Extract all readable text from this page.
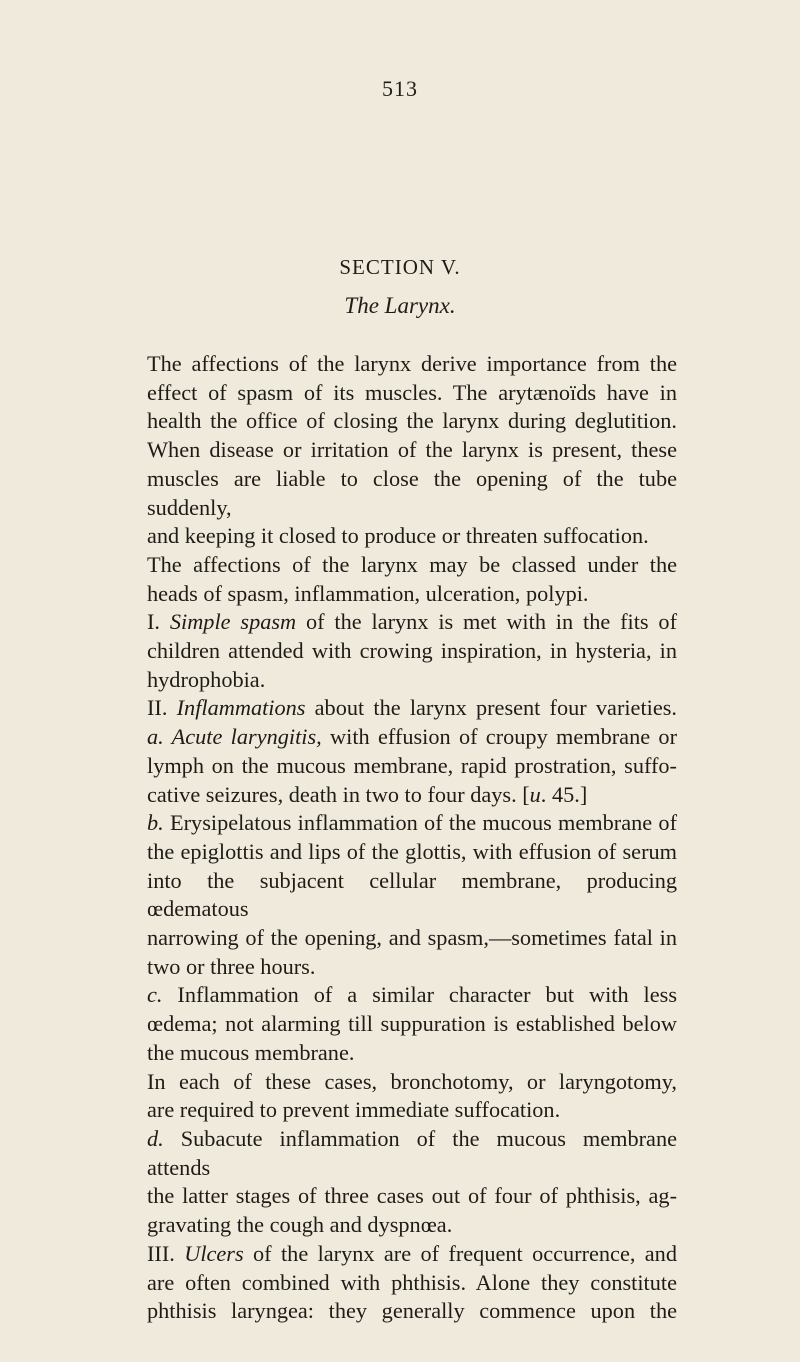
513
SECTION V.
The Larynx.
The affections of the larynx derive importance from the
effect of spasm of its muscles. The arytænoïds have in
health the office of closing the larynx during deglutition.
When disease or irritation of the larynx is present, these
muscles are liable to close the opening of the tube suddenly,
and keeping it closed to produce or threaten suffocation.
The affections of the larynx may be classed under the
heads of spasm, inflammation, ulceration, polypi.
I. Simple spasm of the larynx is met with in the fits of
children attended with crowing inspiration, in hysteria, in
hydrophobia.
II. Inflammations about the larynx present four varieties.
a. Acute laryngitis, with effusion of croupy membrane or
lymph on the mucous membrane, rapid prostration, suffo-
cative seizures, death in two to four days. [u. 45.]
b. Erysipelatous inflammation of the mucous membrane of
the epiglottis and lips of the glottis, with effusion of serum
into the subjacent cellular membrane, producing œdematous
narrowing of the opening, and spasm,—sometimes fatal in
two or three hours.
c. Inflammation of a similar character but with less
œdema; not alarming till suppuration is established below
the mucous membrane.
In each of these cases, bronchotomy, or laryngotomy,
are required to prevent immediate suffocation.
d. Subacute inflammation of the mucous membrane attends
the latter stages of three cases out of four of phthisis, ag-
gravating the cough and dyspnœa.
III. Ulcers of the larynx are of frequent occurrence, and
are often combined with phthisis. Alone they constitute
phthisis laryngea: they generally commence upon the
